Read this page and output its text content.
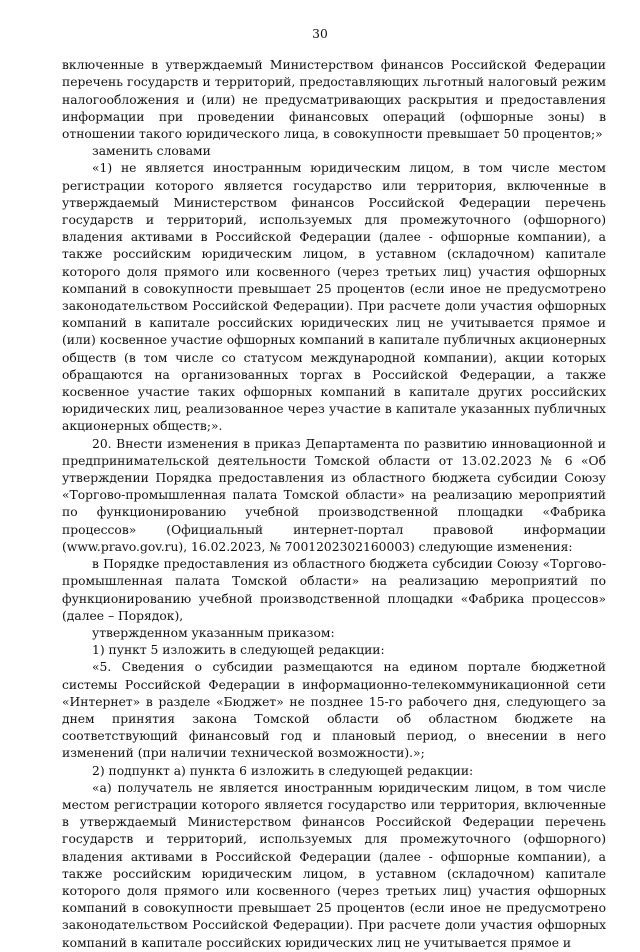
30

включенные в утверждаемый Министерством финансов Российской Федерации перечень государств и территорий, предоставляющих льготный налоговый режим налогообложения и (или) не предусматривающих раскрытия и предоставления информации при проведении финансовых операций (офшорные зоны) в отношении такого юридического лица, в совокупности превышает 50 процентов;»

заменить словами

«1) не является иностранным юридическим лицом, в том числе местом регистрации которого является государство или территория, включенные в утверждаемый Министерством финансов Российской Федерации перечень государств и территорий, используемых для промежуточного (офшорного) владения активами в Российской Федерации (далее - офшорные компании), а также российским юридическим лицом, в уставном (складочном) капитале которого доля прямого или косвенного (через третьих лиц) участия офшорных компаний в совокупности превышает 25 процентов (если иное не предусмотрено законодательством Российской Федерации). При расчете доли участия офшорных компаний в капитале российских юридических лиц не учитывается прямое и (или) косвенное участие офшорных компаний в капитале публичных акционерных обществ (в том числе со статусом международной компании), акции которых обращаются на организованных торгах в Российской Федерации, а также косвенное участие таких офшорных компаний в капитале других российских юридических лиц, реализованное через участие в капитале указанных публичных акционерных обществ;».

20. Внести изменения в приказ Департамента по развитию инновационной и предпринимательской деятельности Томской области от 13.02.2023 № 6 «Об утверждении Порядка предоставления из областного бюджета субсидии Союзу «Торгово-промышленная палата Томской области» на реализацию мероприятий по функционированию учебной производственной площадки «Фабрика процессов» (Официальный интернет-портал правовой информации (www.pravo.gov.ru), 16.02.2023, № 7001202302160003) следующие изменения:

в Порядке предоставления из областного бюджета субсидии Союзу «Торгово-промышленная палата Томской области» на реализацию мероприятий по функционированию учебной производственной площадки «Фабрика процессов» (далее – Порядок),

утвержденном указанным приказом:

1) пункт 5 изложить в следующей редакции:

«5. Сведения о субсидии размещаются на едином портале бюджетной системы Российской Федерации в информационно-телекоммуникационной сети «Интернет» в разделе «Бюджет» не позднее 15-го рабочего дня, следующего за днем принятия закона Томской области об областном бюджете на соответствующий финансовый год и плановый период, о внесении в него изменений (при наличии технической возможности).»;

2) подпункт а) пункта 6 изложить в следующей редакции:

«а) получатель не является иностранным юридическим лицом, в том числе местом регистрации которого является государство или территория, включенные в утверждаемый Министерством финансов Российской Федерации перечень государств и территорий, используемых для промежуточного (офшорного) владения активами в Российской Федерации (далее - офшорные компании), а также российским юридическим лицом, в уставном (складочном) капитале которого доля прямого или косвенного (через третьих лиц) участия офшорных компаний в совокупности превышает 25 процентов (если иное не предусмотрено законодательством Российской Федерации). При расчете доли участия офшорных компаний в капитале российских юридических лиц не учитывается прямое и
